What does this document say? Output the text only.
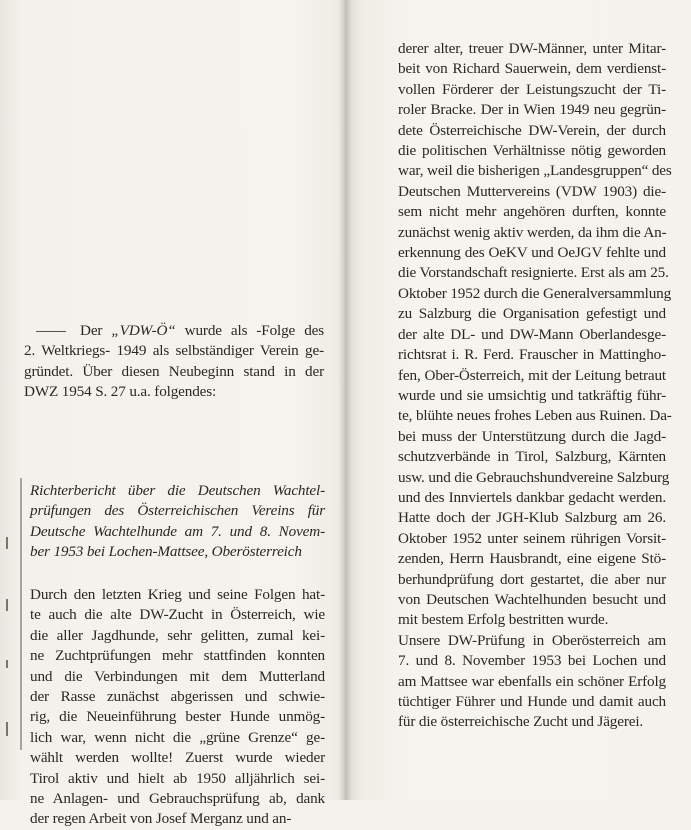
Der „VDW-Ö“ wurde als -Folge des
2. Weltkriegs- 1949 als selbständiger Verein ge-
gründet. Über diesen Neubeginn stand in der
DWZ 1954 S. 27 u.a. folgendes:
Richterbericht über die Deutschen Wachtel-
prüfungen des Österreichischen Vereins für
Deutsche Wachtelhunde am 7. und 8. Novem-
ber 1953 bei Lochen-Mattsee, Oberösterreich
Durch den letzten Krieg und seine Folgen hat-
te auch die alte DW-Zucht in Österreich, wie
die aller Jagdhunde, sehr gelitten, zumal kei-
ne Zuchtprüfungen mehr stattfinden konnten
und die Verbindungen mit dem Mutterland
der Rasse zunächst abgerissen und schwie-
rig, die Neueinführung bester Hunde unmög-
lich war, wenn nicht die „grüne Grenze“ ge-
wählt werden wollte! Zuerst wurde wieder
Tirol aktiv und hielt ab 1950 alljährlich sei-
ne Anlagen- und Gebrauchsprüfung ab, dank
der regen Arbeit von Josef Merganz und an-
derer alter, treuer DW-Männer, unter Mitar-
beit von Richard Sauerwein, dem verdienst-
vollen Förderer der Leistungszucht der Ti-
roler Bracke. Der in Wien 1949 neu gegrün-
dete Österreichische DW-Verein, der durch
die politischen Verhältnisse nötig geworden
war, weil die bisherigen „Landesgruppen“ des
Deutschen Muttervereins (VDW 1903) die-
sem nicht mehr angehören durften, konnte
zunächst wenig aktiv werden, da ihm die An-
erkennung des OeKV und OeJGV fehlte und
die Vorstandschaft resignierte. Erst als am 25.
Oktober 1952 durch die Generalversammlung
zu Salzburg die Organisation gefestigt und
der alte DL- und DW-Mann Oberlandesge-
richtsrat i. R. Ferd. Frauscher in Mattingho-
fen, Ober-Österreich, mit der Leitung betraut
wurde und sie umsichtig und tatkräftig führ-
te, blühte neues frohes Leben aus Ruinen. Da-
bei muss der Unterstützung durch die Jagd-
schutzverbände in Tirol, Salzburg, Kärnten
usw. und die Gebrauchshundvereine Salzburg
und des Innviertels dankbar gedacht werden.
Hatte doch der JGH-Klub Salzburg am 26.
Oktober 1952 unter seinem rührigen Vorsit-
zenden, Herrn Hausbrandt, eine eigene Stö-
berhundprüfung dort gestartet, die aber nur
von Deutschen Wachtelhunden besucht und
mit bestem Erfolg bestritten wurde.
Unsere DW-Prüfung in Oberösterreich am
7. und 8. November 1953 bei Lochen und
am Mattsee war ebenfalls ein schöner Erfolg
tüchtiger Führer und Hunde und damit auch
für die österreichische Zucht und Jägerei.
